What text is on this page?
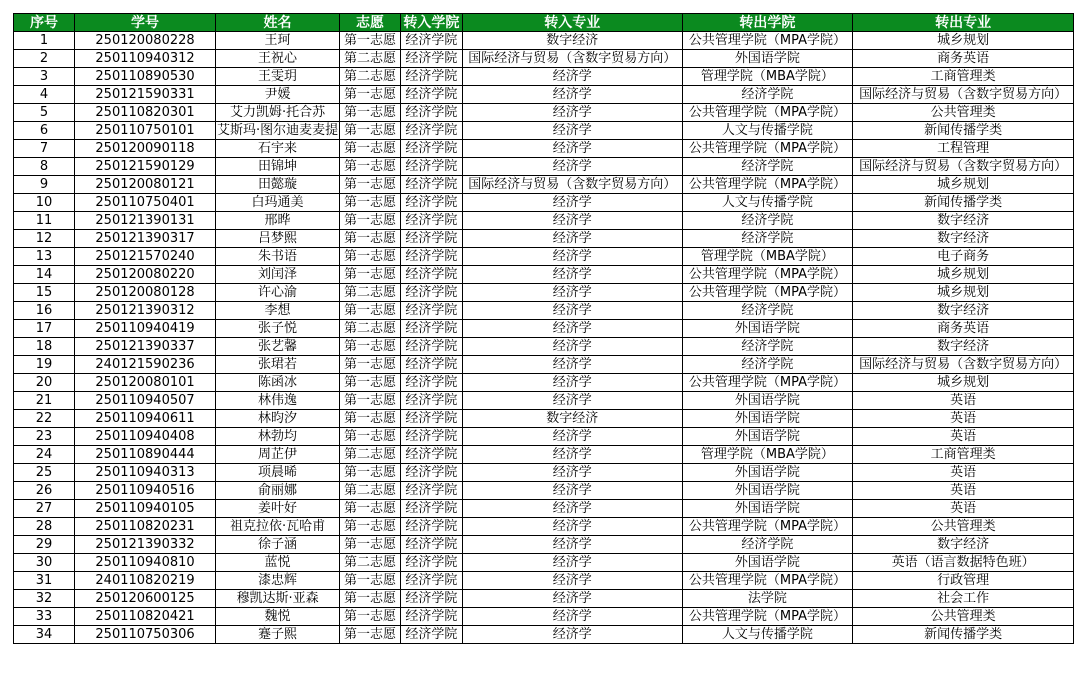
序号	学号	姓名	志愿	转入学院	转入专业	转出学院	转出专业
1	250120080228	王珂	第一志愿	经济学院	数字经济	公共管理学院（MPA学院）	城乡规划
2	250110940312	王祝心	第二志愿	经济学院	国际经济与贸易（含数字贸易方向）	外国语学院	商务英语
3	250110890530	王雯玥	第二志愿	经济学院	经济学	管理学院（MBA学院）	工商管理类
4	250121590331	尹媛	第一志愿	经济学院	经济学	经济学院	国际经济与贸易（含数字贸易方向）
5	250110820301	艾力凯姆·托合苏	第一志愿	经济学院	经济学	公共管理学院（MPA学院）	公共管理类
6	250110750101	艾斯玛·图尔迪麦麦提	第一志愿	经济学院	经济学	人文与传播学院	新闻传播学类
7	250120090118	石宇来	第一志愿	经济学院	经济学	公共管理学院（MPA学院）	工程管理
8	250121590129	田锦坤	第一志愿	经济学院	经济学	经济学院	国际经济与贸易（含数字贸易方向）
9	250120080121	田懿璇	第一志愿	经济学院	国际经济与贸易（含数字贸易方向）	公共管理学院（MPA学院）	城乡规划
10	250110750401	白玛通美	第一志愿	经济学院	经济学	人文与传播学院	新闻传播学类
11	250121390131	邢晔	第一志愿	经济学院	经济学	经济学院	数字经济
12	250121390317	吕梦熙	第一志愿	经济学院	经济学	经济学院	数字经济
13	250121570240	朱书语	第一志愿	经济学院	经济学	管理学院（MBA学院）	电子商务
14	250120080220	刘闰泽	第一志愿	经济学院	经济学	公共管理学院（MPA学院）	城乡规划
15	250120080128	许心渝	第二志愿	经济学院	经济学	公共管理学院（MPA学院）	城乡规划
16	250121390312	李想	第一志愿	经济学院	经济学	经济学院	数字经济
17	250110940419	张子悦	第二志愿	经济学院	经济学	外国语学院	商务英语
18	250121390337	张艺馨	第一志愿	经济学院	经济学	经济学院	数字经济
19	240121590236	张珺若	第一志愿	经济学院	经济学	经济学院	国际经济与贸易（含数字贸易方向）
20	250120080101	陈函冰	第一志愿	经济学院	经济学	公共管理学院（MPA学院）	城乡规划
21	250110940507	林伟逸	第一志愿	经济学院	经济学	外国语学院	英语
22	250110940611	林昀汐	第一志愿	经济学院	数字经济	外国语学院	英语
23	250110940408	林勃均	第一志愿	经济学院	经济学	外国语学院	英语
24	250110890444	周芷伊	第二志愿	经济学院	经济学	管理学院（MBA学院）	工商管理类
25	250110940313	项晨晞	第一志愿	经济学院	经济学	外国语学院	英语
26	250110940516	俞丽娜	第二志愿	经济学院	经济学	外国语学院	英语
27	250110940105	姜叶好	第一志愿	经济学院	经济学	外国语学院	英语
28	250110820231	祖克拉依·瓦哈甫	第一志愿	经济学院	经济学	公共管理学院（MPA学院）	公共管理类
29	250121390332	徐子涵	第一志愿	经济学院	经济学	经济学院	数字经济
30	250110940810	蓝悦	第二志愿	经济学院	经济学	外国语学院	英语（语言数据特色班）
31	240110820219	漆忠辉	第一志愿	经济学院	经济学	公共管理学院（MPA学院）	行政管理
32	250120600125	穆凯达斯·亚森	第一志愿	经济学院	经济学	法学院	社会工作
33	250110820421	魏悦	第一志愿	经济学院	经济学	公共管理学院（MPA学院）	公共管理类
34	250110750306	蹇子熙	第一志愿	经济学院	经济学	人文与传播学院	新闻传播学类
